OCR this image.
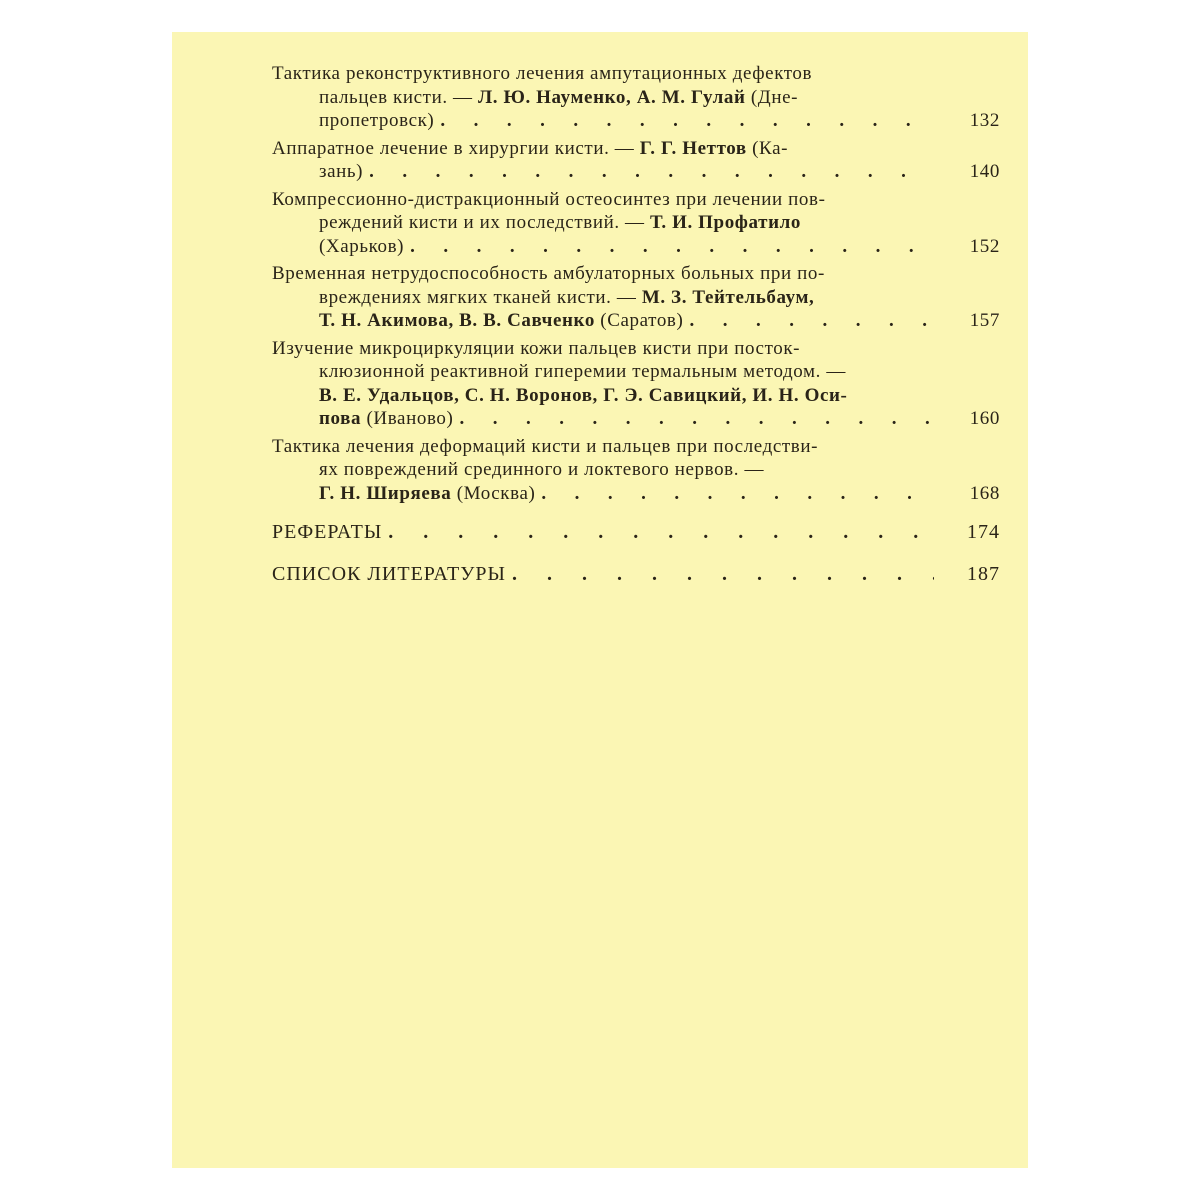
Тактика реконструктивного лечения ампутационных дефектов
пальцев кисти. — Л. Ю. Науменко, А. М. Гулай (Дне-
пропетровск) .	132
Аппаратное лечение в хирургии кисти. — Г. Г. Неттов (Ка-
зань) .	140
Компрессионно-дистракционный остеосинтез при лечении пов-
реждений кисти и их последствий. — Т. И. Профатило
(Харьков) .	152
Временная нетрудоспособность амбулаторных больных при по-
вреждениях мягких тканей кисти. — М. З. Тейтельбаум,
Т. Н. Акимова, В. В. Савченко (Саратов) .	157
Изучение микроциркуляции кожи пальцев кисти при посток-
клюзионной реактивной гиперемии термальным методом. —
В. Е. Удальцов, С. Н. Воронов, Г. Э. Савицкий, И. Н. Оси-
пова (Иваново) .	160
Тактика лечения деформаций кисти и пальцев при последстви-
ях повреждений срединного и локтевого нервов. —
Г. Н. Ширяева (Москва) .	168
РЕФЕРАТЫ .	174
СПИСОК ЛИТЕРАТУРЫ .	187
